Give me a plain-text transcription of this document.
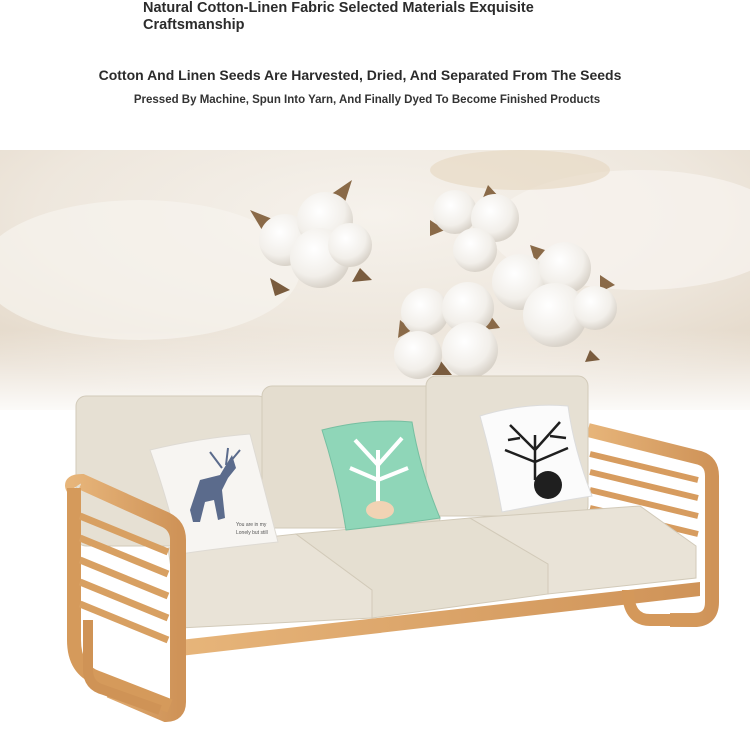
Natural Cotton-Linen Fabric Selected Materials Exquisite Craftsmanship
Cotton And Linen Seeds Are Harvested, Dried, And Separated From The Seeds
Pressed By Machine, Spun Into Yarn, And Finally Dyed To Become Finished Products
You are in my
Lonely but still
